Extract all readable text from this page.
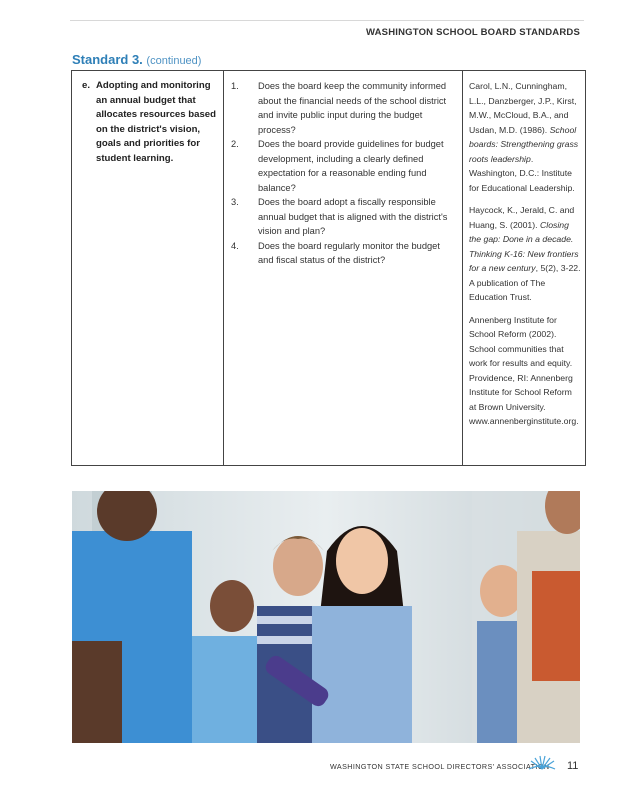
WASHINGTON SCHOOL BOARD STANDARDS
Standard 3. (continued)
e. Adopting and monitoring an annual budget that allocates resources based on the district's vision, goals and priorities for student learning.
1. Does the board keep the community informed about the financial needs of the school district and invite public input during the budget process?
2. Does the board provide guidelines for budget development, including a clearly defined expectation for a reasonable ending fund balance?
3. Does the board adopt a fiscally responsible annual budget that is aligned with the district's vision and plan?
4. Does the board regularly monitor the budget and fiscal status of the district?

Carol, L.N., Cunningham, L.L., Danzberger, J.P., Kirst, M.W., McCloud, B.A., and Usdan, M.D. (1986). School boards: Strengthening grass roots leadership. Washington, D.C.: Institute for Educational Leadership.

Haycock, K., Jerald, C. and Huang, S. (2001). Closing the gap: Done in a decade. Thinking K-16: New frontiers for a new century, 5(2), 3-22. A publication of The Education Trust.

Annenberg Institute for School Reform (2002). School communities that work for results and equity. Providence, RI: Annenberg Institute for School Reform at Brown University. www.annenberginstitute.org.

WASHINGTON STATE SCHOOL DIRECTORS' ASSOCIATION 11
